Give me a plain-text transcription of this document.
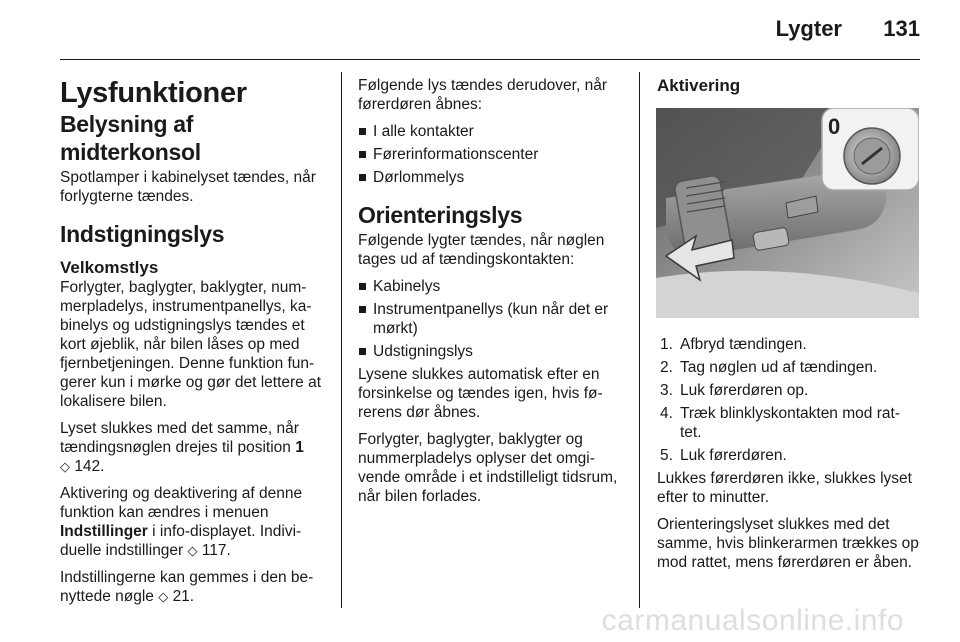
Lygter 131
Lysfunktioner
Belysning af midterkonsol

Spotlamper i kabinelyset tændes, når forlygterne tændes.

Indstigningslys
Velkomstlys

Forlygter, baglygter, baklygter, num-merpladelys, instrumentpanellys, ka-binelys og udstigningslys tændes et kort øjeblik, når bilen låses op med fjernbetjeningen. Denne funktion fun-gerer kun i mørke og gør det lettere at lokalisere bilen.

Lyset slukkes med det samme, når tændingsnøglen drejes til position 1
◇ 142.

Aktivering og deaktivering af denne funktion kan ændres i menuen Indstillinger i info-displayet. Indivi-duelle indstillinger ◇ 117.

Indstillingerne kan gemmes i den be-nyttede nøgle ◇ 21.

Følgende lys tændes derudover, når førerdøren åbnes:

I alle kontakter
Førerinformationscenter
Dørlommelys
Orienteringslys

Følgende lygter tændes, når nøglen tages ud af tændingskontakten:

Kabinelys
Instrumentpanellys (kun når det er mørkt)
Udstigningslys

Lysene slukkes automatisk efter en forsinkelse og tændes igen, hvis fø-rerens dør åbnes.

Forlygter, baglygter, baklygter og nummerpladelys oplyser det omgi-vende område i et indstilleligt tidsrum, når bilen forlades.

Aktivering
0
1. Afbryd tændingen.
2. Tag nøglen ud af tændingen.
3. Luk førerdøren op.
4. Træk blinklyskontakten mod rat-tet.
5. Luk førerdøren.

Lukkes førerdøren ikke, slukkes lyset efter to minutter.

Orienteringslyset slukkes med det samme, hvis blinkerarmen trækkes op mod rattet, mens førerdøren er åben.

carmanualsonline.info
